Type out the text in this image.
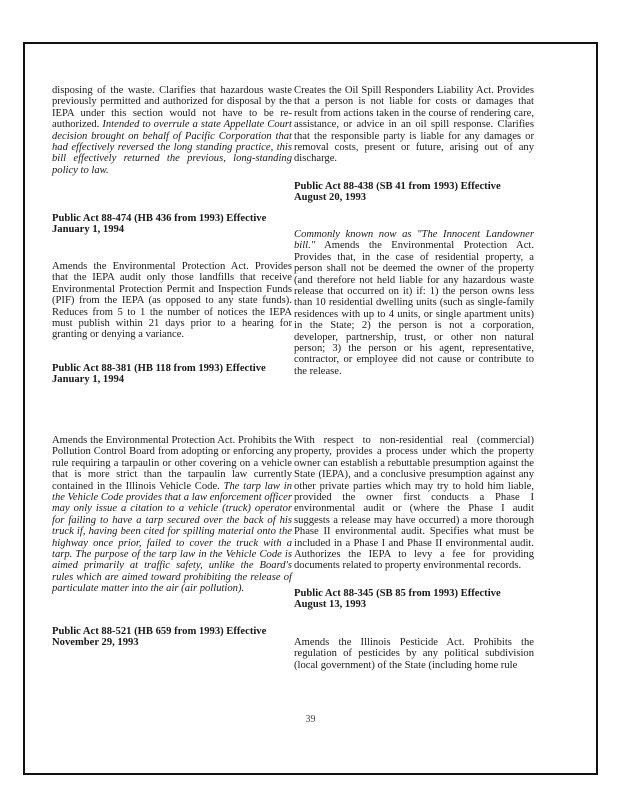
disposing of the waste. Clarifies that hazardous waste previously permitted and authorized for disposal by the IEPA under this section would not have to be re-authorized. Intended to overrule a state Appellate Court decision brought on behalf of Pacific Corporation that had effectively reversed the long standing practice, this bill effectively returned the previous, long-standing policy to law.

Public Act 88-474 (HB 436 from 1993) Effective January 1, 1994

Amends the Environmental Protection Act. Provides that the IEPA audit only those landfills that receive Environmental Protection Permit and Inspection Funds (PIF) from the IEPA (as opposed to any state funds). Reduces from 5 to 1 the number of notices the IEPA must publish within 21 days prior to a hearing for granting or denying a variance.

Public Act 88-381 (HB 118 from 1993) Effective January 1, 1994

Amends the Environmental Protection Act. Prohibits the Pollution Control Board from adopting or enforcing any rule requiring a tarpaulin or other covering on a vehicle that is more strict than the tarpaulin law currently contained in the Illinois Vehicle Code. The tarp law in the Vehicle Code provides that a law enforcement officer may only issue a citation to a vehicle (truck) operator for failing to have a tarp secured over the back of his truck if, having been cited for spilling material onto the highway once prior, failed to cover the truck with a tarp. The purpose of the tarp law in the Vehicle Code is aimed primarily at traffic safety, unlike the Board's rules which are aimed toward prohibiting the release of particulate matter into the air (air pollution).

Public Act 88-521 (HB 659 from 1993) Effective November 29, 1993

Creates the Oil Spill Responders Liability Act. Provides that a person is not liable for costs or damages that result from actions taken in the course of rendering care, assistance, or advice in an oil spill response. Clarifies that the responsible party is liable for any damages or removal costs, present or future, arising out of any discharge.

Public Act 88-438 (SB 41 from 1993) Effective August 20, 1993

Commonly known now as "The Innocent Landowner bill." Amends the Environmental Protection Act. Provides that, in the case of residential property, a person shall not be deemed the owner of the property (and therefore not held liable for any hazardous waste release that occurred on it) if: 1) the person owns less than 10 residential dwelling units (such as single-family residences with up to 4 units, or single apartment units) in the State; 2) the person is not a corporation, developer, partnership, trust, or other non natural person; 3) the person or his agent, representative, contractor, or employee did not cause or contribute to the release.

With respect to non-residential real (commercial) property, provides a process under which the property owner can establish a rebuttable presumption against the State (IEPA), and a conclusive presumption against any other private parties which may try to hold him liable, provided the owner first conducts a Phase I environmental audit or (where the Phase I audit suggests a release may have occurred) a more thorough Phase II environmental audit. Specifies what must be included in a Phase I and Phase II environmental audit. Authorizes the IEPA to levy a fee for providing documents related to property environmental records.

Public Act 88-345 (SB 85 from 1993) Effective August 13, 1993

Amends the Illinois Pesticide Act. Prohibits the regulation of pesticides by any political subdivision (local government) of the State (including home rule

39
